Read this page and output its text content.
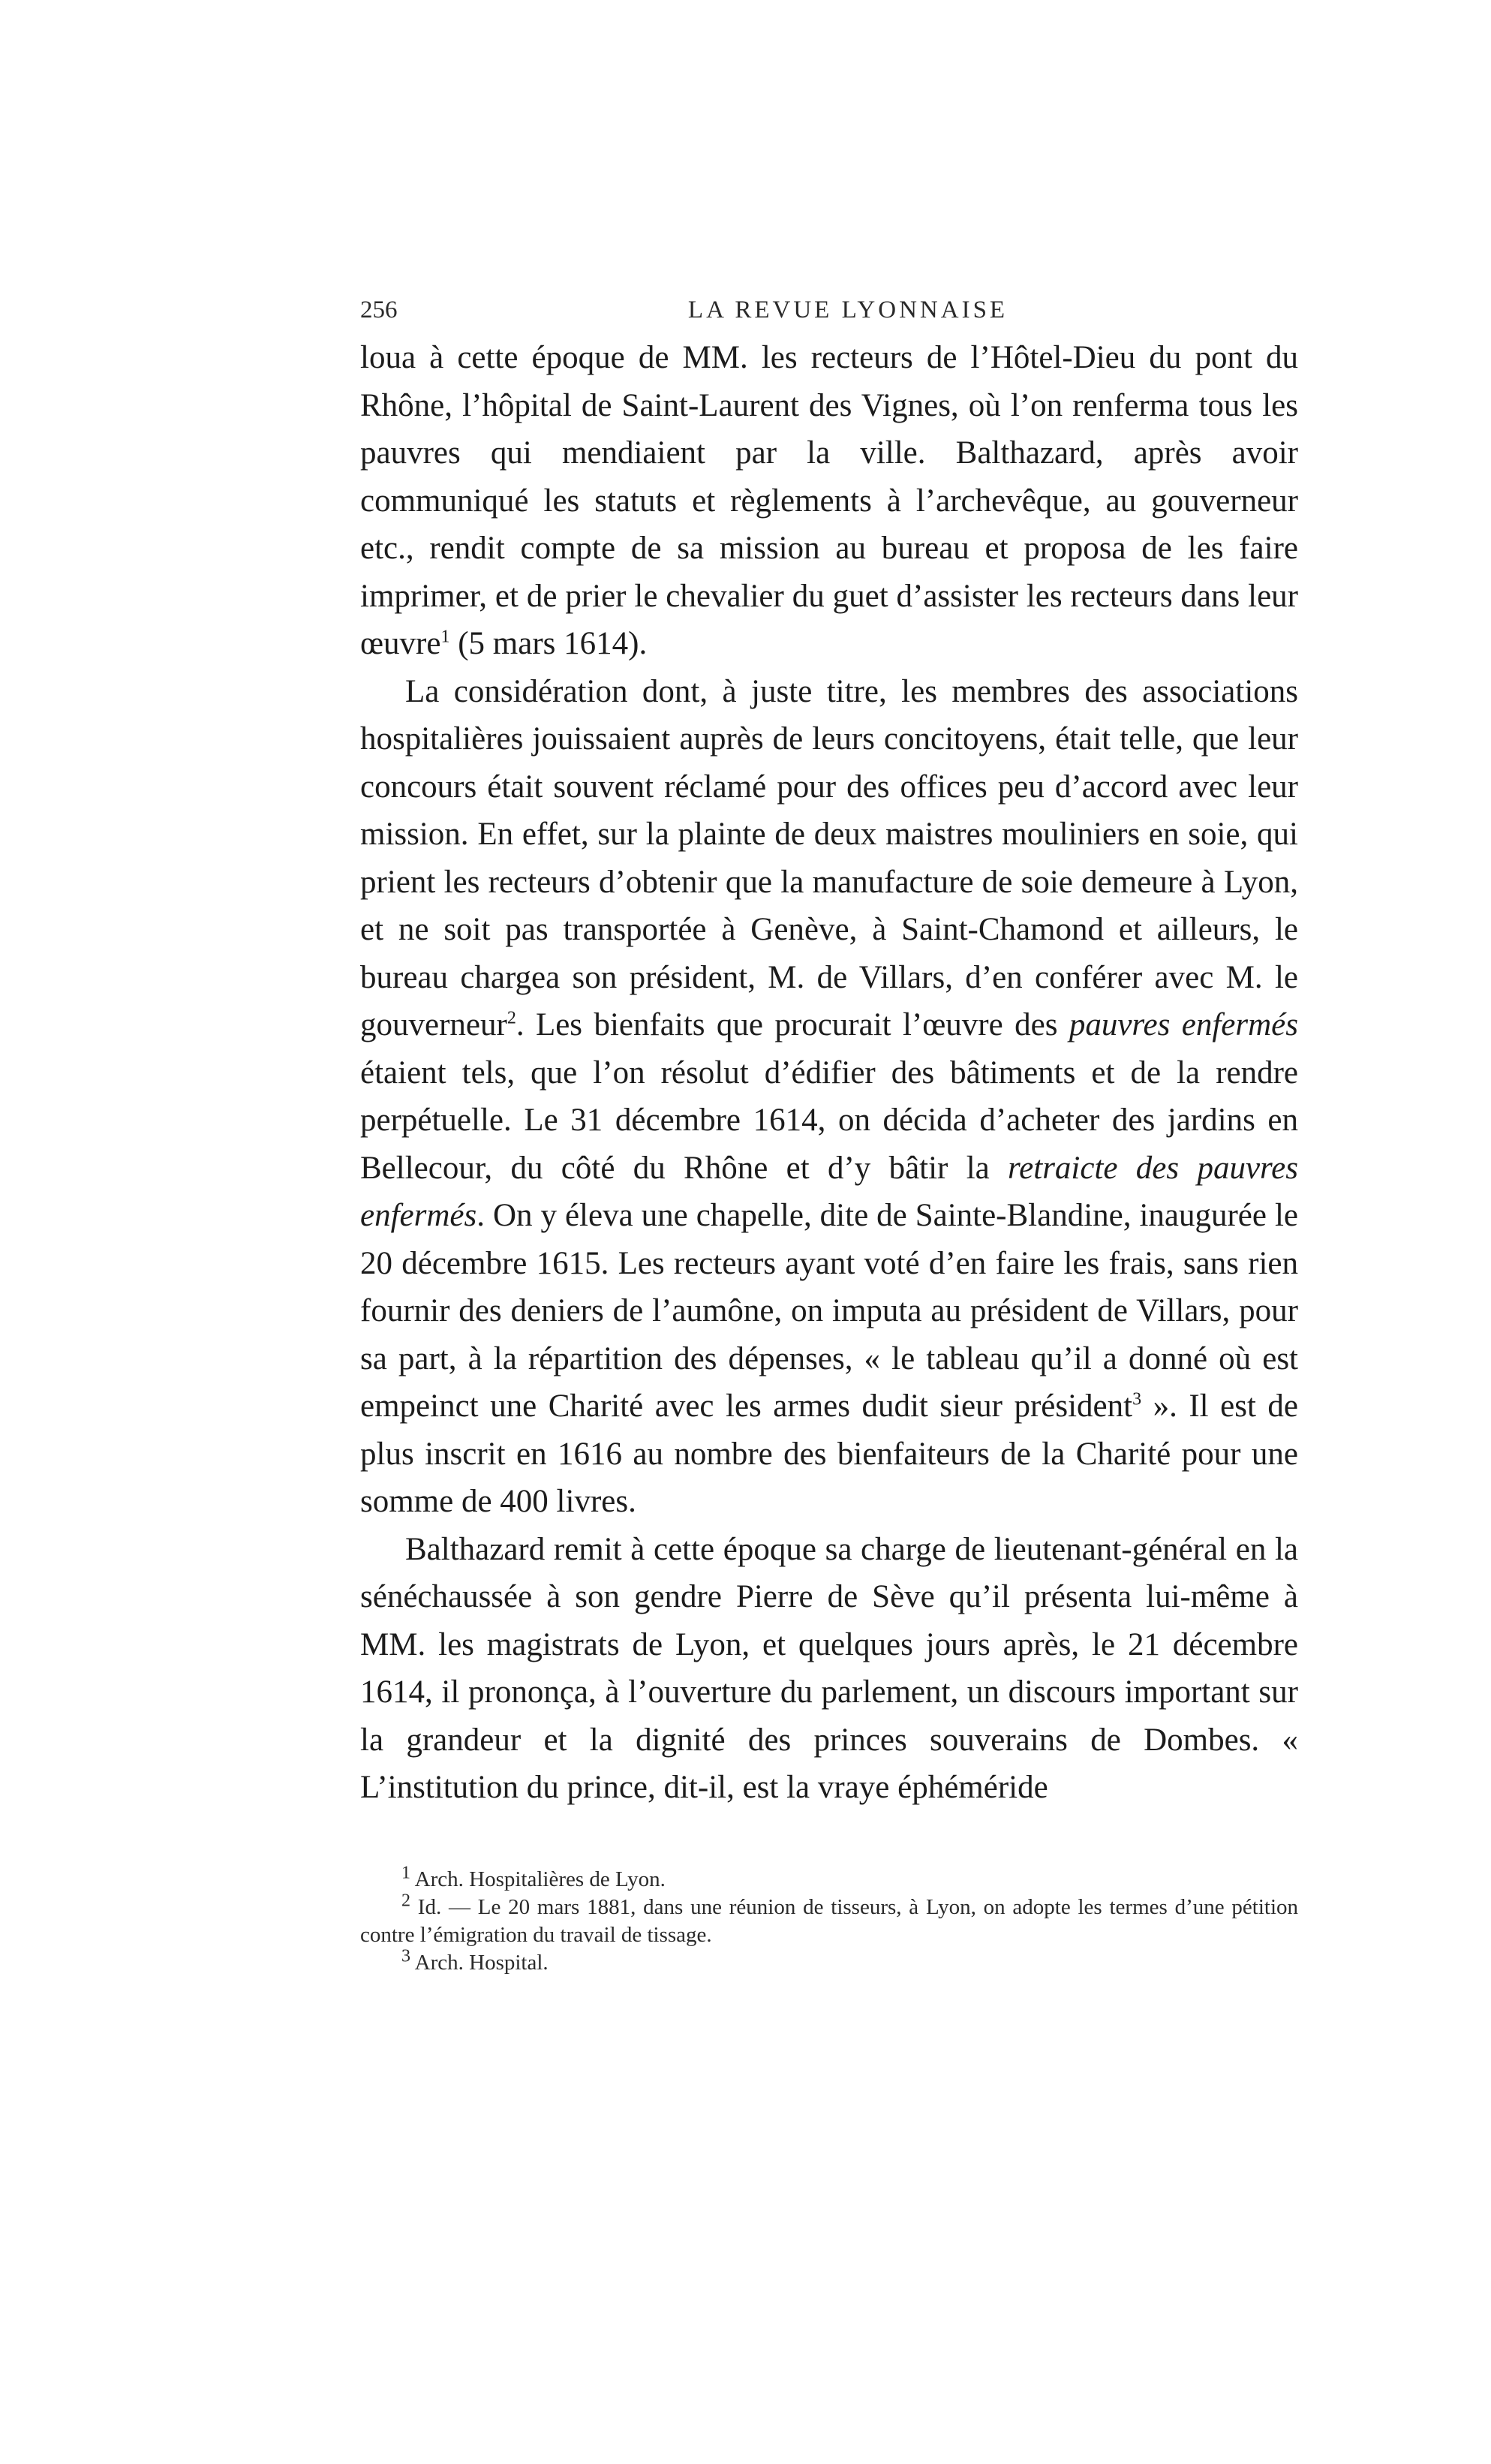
256	LA REVUE LYONNAISE

loua à cette époque de MM. les recteurs de l’Hôtel-Dieu du pont du Rhône, l’hôpital de Saint-Laurent des Vignes, où l’on renferma tous les pauvres qui mendiaient par la ville. Balthazard, après avoir communiqué les statuts et règlements à l’archevêque, au gouverneur etc., rendit compte de sa mission au bureau et proposa de les faire imprimer, et de prier le chevalier du guet d’assister les recteurs dans leur œuvre$^1$ (5 mars 1614).

La considération dont, à juste titre, les membres des associations hospitalières jouissaient auprès de leurs concitoyens, était telle, que leur concours était souvent réclamé pour des offices peu d’accord avec leur mission. En effet, sur la plainte de deux maistres mouliniers en soie, qui prient les recteurs d’obtenir que la manufacture de soie demeure à Lyon, et ne soit pas transportée à Genève, à Saint-Chamond et ailleurs, le bureau chargea son président, M. de Villars, d’en conférer avec M. le gouverneur$^2$. Les bienfaits que procurait l’œuvre des pauvres enfermés étaient tels, que l’on résolut d’édifier des bâtiments et de la rendre perpétuelle. Le 31 décembre 1614, on décida d’acheter des jardins en Bellecour, du côté du Rhône et d’y bâtir la retraicte des pauvres enfermés. On y éleva une chapelle, dite de Sainte-Blandine, inaugurée le 20 décembre 1615. Les recteurs ayant voté d’en faire les frais, sans rien fournir des deniers de l’aumône, on imputa au président de Villars, pour sa part, à la répartition des dépenses, « le tableau qu’il a donné où est empeinct une Charité avec les armes dudit sieur président$^3$ ». Il est de plus inscrit en 1616 au nombre des bienfaiteurs de la Charité pour une somme de 400 livres.

Balthazard remit à cette époque sa charge de lieutenant-général en la sénéchaussée à son gendre Pierre de Sève qu’il présenta lui-même à MM. les magistrats de Lyon, et quelques jours après, le 21 décembre 1614, il prononça, à l’ouverture du parlement, un discours important sur la grandeur et la dignité des princes souverains de Dombes. « L’institution du prince, dit-il, est la vraye éphéméride

$^1$ Arch. Hospitalières de Lyon.

$^2$ Id. — Le 20 mars 1881, dans une réunion de tisseurs, à Lyon, on adopte les termes d’une pétition contre l’émigration du travail de tissage.

$^3$ Arch. Hospital.
